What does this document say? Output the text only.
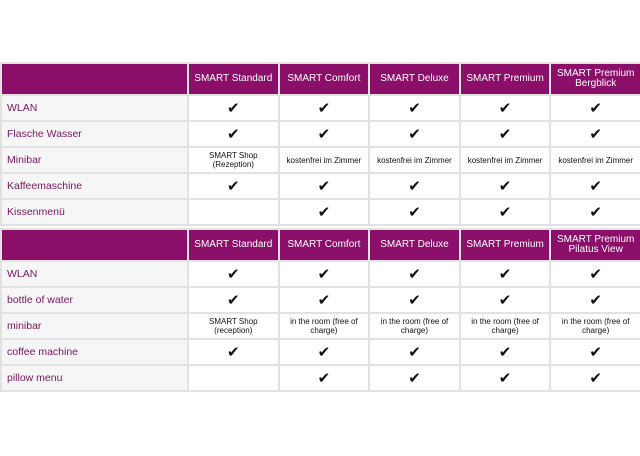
	SMART Standard	SMART Comfort	SMART Deluxe	SMART Premium	SMART Premium Bergblick
WLAN	✔	✔	✔	✔	✔
Flasche Wasser	✔	✔	✔	✔	✔
Minibar	SMART Shop (Rezeption)	kostenfrei im Zimmer	kostenfrei im Zimmer	kostenfrei im Zimmer	kostenfrei im Zimmer
Kaffeemaschine	✔	✔	✔	✔	✔
Kissenmenü		✔	✔	✔	✔
	SMART Standard	SMART Comfort	SMART Deluxe	SMART Premium	SMART Premium Pilatus View
WLAN	✔	✔	✔	✔	✔
bottle of water	✔	✔	✔	✔	✔
minibar	SMART Shop (reception)	in the room (free of charge)	in the room (free of charge)	in the room (free of charge)	in the room (free of charge)
coffee machine	✔	✔	✔	✔	✔
pillow menu		✔	✔	✔	✔
